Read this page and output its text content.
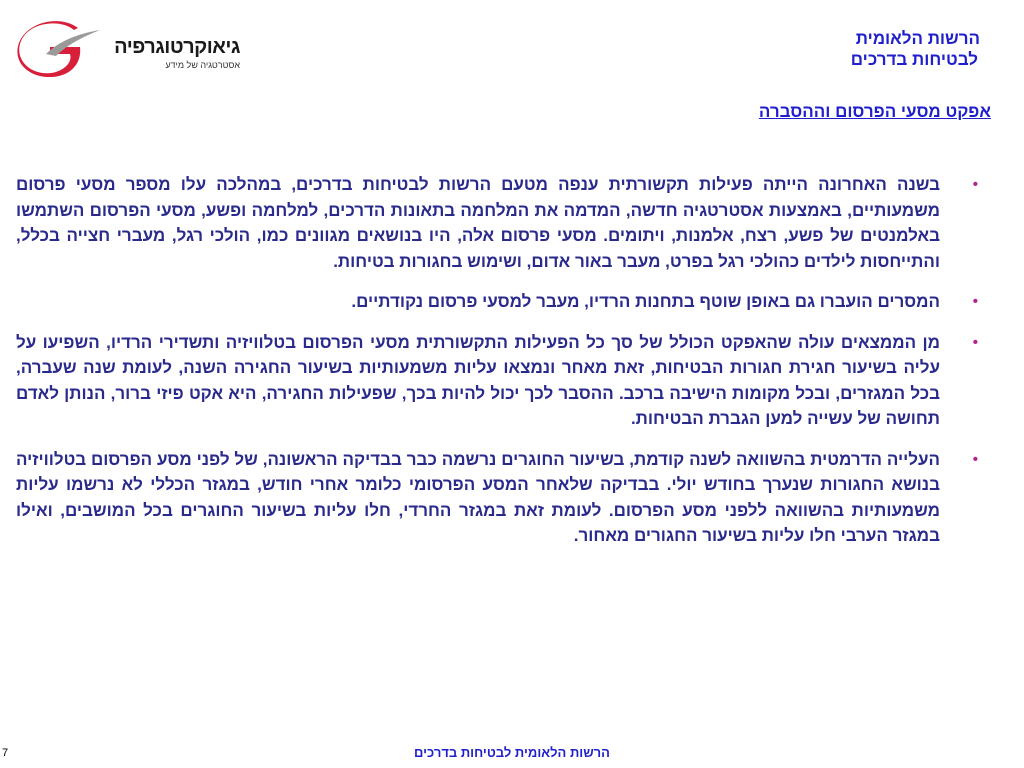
גיאוקרטוגרפיה
אסטרטגיה של מידע
הרשות הלאומית
לבטיחות בדרכים
אפקט מסעי הפרסום וההסברה
•
בשנה האחרונה הייתה פעילות תקשורתית ענפה מטעם הרשות לבטיחות בדרכים, במהלכה עלו מספר מסעי פרסום משמעותיים, באמצעות אסטרטגיה חדשה, המדמה את המלחמה בתאונות הדרכים, למלחמה ופשע, מסעי הפרסום השתמשו באלמנטים של פשע, רצח, אלמנות, ויתומים. מסעי פרסום אלה, היו בנושאים מגוונים כמו, הולכי רגל, מעברי חצייה בכלל, והתייחסות לילדים כהולכי רגל בפרט, מעבר באור אדום, ושימוש בחגורות בטיחות.
•
המסרים הועברו גם באופן שוטף בתחנות הרדיו, מעבר למסעי פרסום נקודתיים.
•
מן הממצאים עולה שהאפקט הכולל של סך כל הפעילות התקשורתית מסעי הפרסום בטלוויזיה ותשדירי הרדיו, השפיעו על עליה בשיעור חגירת חגורות הבטיחות, זאת מאחר ונמצאו עליות משמעותיות בשיעור החגירה השנה, לעומת שנה שעברה, בכל המגזרים, ובכל מקומות הישיבה ברכב. ההסבר לכך יכול להיות בכך, שפעילות החגירה, היא אקט פיזי ברור, הנותן לאדם תחושה של עשייה למען הגברת הבטיחות.
•
העלייה הדרמטית בהשוואה לשנה קודמת, בשיעור החוגרים נרשמה כבר בבדיקה הראשונה, של לפני מסע הפרסום בטלוויזיה בנושא החגורות שנערך בחודש יולי. בבדיקה שלאחר המסע הפרסומי כלומר אחרי חודש, במגזר הכללי לא נרשמו עליות משמעותיות בהשוואה ללפני מסע הפרסום. לעומת זאת במגזר החרדי, חלו עליות בשיעור החוגרים בכל המושבים, ואילו במגזר הערבי חלו עליות בשיעור החגורים מאחור.
הרשות הלאומית לבטיחות בדרכים
7
